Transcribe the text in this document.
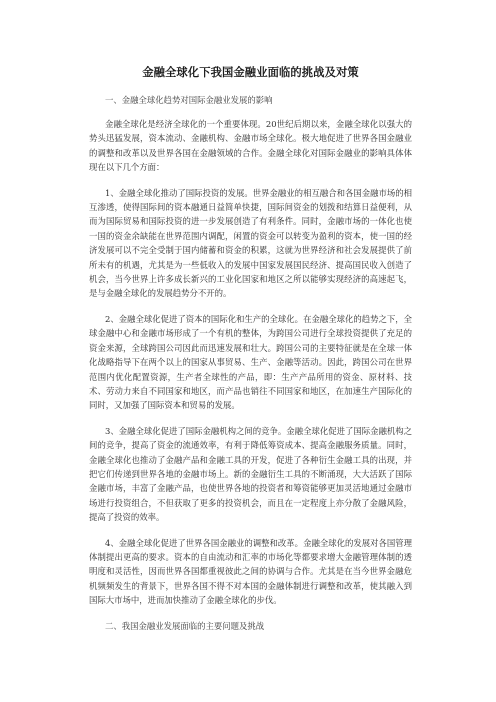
金融全球化下我国金融业面临的挑战及对策

一、金融全球化趋势对国际金融业发展的影响

金融全球化是经济全球化的一个重要体现。20世纪后期以来，金融全球化以强大的势头迅猛发展，资本流动、金融机构、金融市场全球化。极大地促进了世界各国金融业的调整和改革以及世界各国在金融领域的合作。金融全球化对国际金融业的影响具体体现在以下几个方面：

1、金融全球化推动了国际投资的发展。世界金融业的相互融合和各国金融市场的相互渗透，使得国际间的资本融通日益简单快捷，国际间资金的划拨和结算日益便利，从而为国际贸易和国际投资的进一步发展创造了有利条件。同时，金融市场的一体化也使一国的资金余缺能在世界范围内调配，闲置的资金可以转变为盈利的资本，使一国的经济发展可以不完全受制于国内储蓄和资金的积累，这就为世界经济和社会发展提供了前所未有的机遇，尤其是为一些低收入的发展中国家发展国民经济、提高国民收入创造了机会，当今世界上许多成长新兴的工业化国家和地区之所以能够实现经济的高速起飞，是与金融全球化的发展趋势分不开的。

2、金融全球化促进了资本的国际化和生产的全球化。在金融全球化的趋势之下，全球金融中心和金融市场形成了一个有机的整体，为跨国公司进行全球投资提供了充足的资金来源，全球跨国公司因此而迅速发展和壮大。跨国公司的主要特征就是在全球一体化战略指导下在两个以上的国家从事贸易、生产、金融等活动。因此，跨国公司在世界范围内优化配置资源，生产者全球性的产品，即：生产产品所用的资金、原材料、技术、劳动力来自不同国家和地区，而产品也销往不同国家和地区，在加速生产国际化的同时，又加强了国际资本和贸易的发展。

3、金融全球化促进了国际金融机构之间的竞争。金融全球化促进了国际金融机构之间的竞争，提高了资金的流通效率，有利于降低筹资成本、提高金融服务质量。同时，金融全球化也推动了金融产品和金融工具的开发，促进了各种衍生金融工具的出现，并把它们传递到世界各地的金融市场上。新的金融衍生工具的不断涌现，大大活跃了国际金融市场，丰富了金融产品，也使世界各地的投资者和筹资能够更加灵活地通过金融市场进行投资组合，不但获取了更多的投资机会，而且在一定程度上亦分散了金融风险，提高了投资的效率。

4、金融全球化促进了世界各国金融业的调整和改革。金融全球化的发展对各国管理体制提出更高的要求。资本的自由流动和汇率的市场化等都要求增大金融管理体制的透明度和灵活性，因而世界各国都重视彼此之间的协调与合作。尤其是在当今世界金融危机频频发生的背景下，世界各国不得不对本国的金融体制进行调整和改革，使其融入到国际大市场中，进而加快推动了金融全球化的步伐。

二、我国金融业发展面临的主要问题及挑战
